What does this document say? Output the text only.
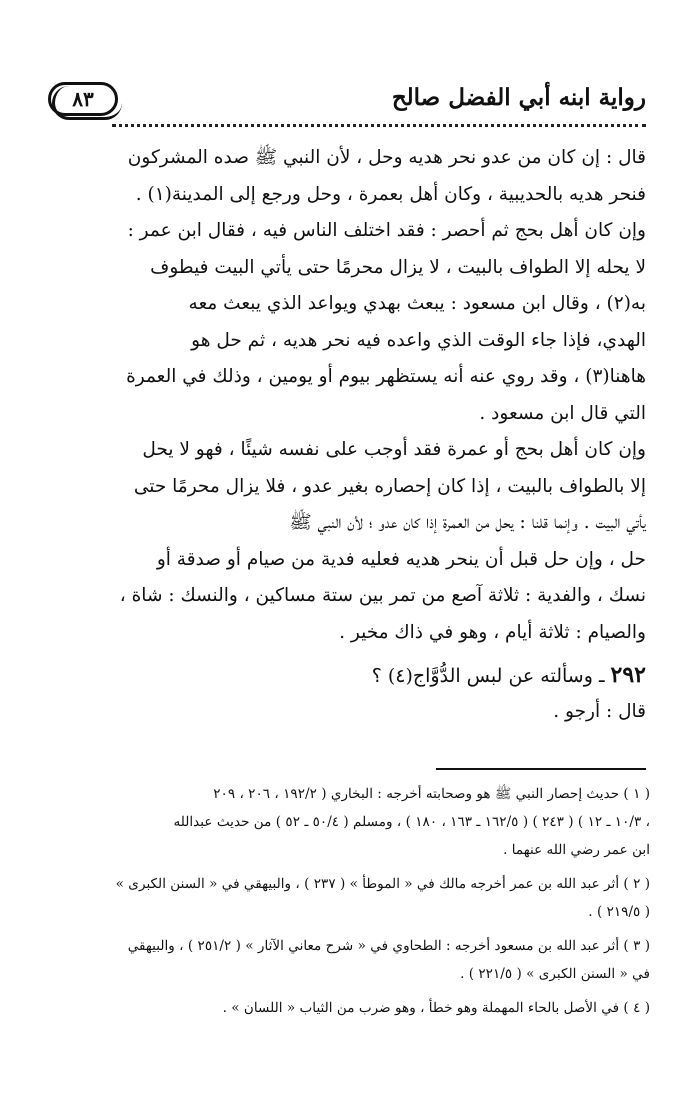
رواية ابنه أبي الفضل صالح
٨٣

قال : إن كان من عدو نحر هديه وحل ، لأن النبي ﷺ صده المشركون
فنحر هديه بالحديبية ، وكان أهل بعمرة ، وحل ورجع إلى المدينة(١) .

وإن كان أهل بحج ثم أحصر : فقد اختلف الناس فيه ، فقال ابن عمر :
لا يحله إلا الطواف بالبيت ، لا يزال محرمًا حتى يأتي البيت فيطوف
به(٢) ، وقال ابن مسعود : يبعث بهدي ويواعد الذي يبعث معه
الهدي، فإذا جاء الوقت الذي واعده فيه نحر هديه ، ثم حل هو
هاهنا(٣) ، وقد روي عنه أنه يستظهر بيوم أو يومين ، وذلك في العمرة
التي قال ابن مسعود .

وإن كان أهل بحج أو عمرة فقد أوجب على نفسه شيئًا ، فهو لا يحل
إلا بالطواف بالبيت ، إذا كان إحصاره بغير عدو ، فلا يزال محرمًا حتى
يأتي البيت . وإنما قلنا : يحل من العمرة إذا كان عدو ؛ لأن النبي ﷺ
حل ، وإن حل قبل أن ينحر هديه فعليه فدية من صيام أو صدقة أو
نسك ، والفدية : ثلاثة آصع من تمر بين ستة مساكين ، والنسك : شاة ،
والصيام : ثلاثة أيام ، وهو في ذاك مخير .

٢٩٢ ـ وسألته عن لبس الدُّوَّاج(٤) ؟

قال : أرجو .

( ١ ) حديث إحصار النبي ﷺ هو وصحابته أخرجه : البخاري ( ١٩٢/٢ ، ٢٠٦ ، ٢٠٩
، ١٠/٣ ـ ١٢ ) ( ٢٤٣ ) ( ١٦٢/٥ ـ ١٦٣ ، ١٨٠ ) ، ومسلم ( ٥٠/٤ ـ ٥٢ ) من حديث عبدالله
ابن عمر رضي الله عنهما .

( ٢ ) أثر عبد الله بن عمر أخرجه مالك في « الموطأ » ( ٢٣٧ ) ، والبيهقي في « السنن الكبرى »
( ٢١٩/٥ ) .

( ٣ ) أثر عبد الله بن مسعود أخرجه : الطحاوي في « شرح معاني الآثار » ( ٢٥١/٢ ) ، والبيهقي
في « السنن الكبرى » ( ٢٢١/٥ ) .

( ٤ ) في الأصل بالحاء المهملة وهو خطأ ، وهو ضرب من الثياب « اللسان » .
